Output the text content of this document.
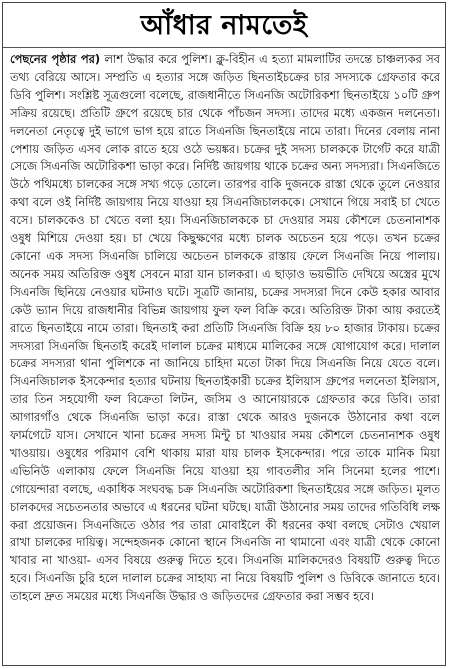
আঁধার নামতেই
পেছনের পৃষ্ঠার পর) লাশ উদ্ধার করে পুলিশ। ক্লু-বিহীন এ হত্যা মামলাটির তদন্তে চাঞ্চল্যকর সব তথ্য বেরিয়ে আসে। সম্প্রতি এ হত্যার সঙ্গে জড়িত ছিনতাইচক্রের চার সদস্যকে গ্রেফতার করে ডিবি পুলিশ। সংশ্লিষ্ট সূত্রগুলো বলেছে, রাজধানীতে সিএনজি অটোরিকশা ছিনতাইয়ে ১০টি গ্রুপ সক্রিয় রয়েছে। প্রতিটি গ্রুপে রয়েছে চার থেকে পাঁচজন সদস্য। তাদের মধ্যে একজন দলনেতা। দলনেতা নেতৃত্বে দুই ভাগে ভাগ হয়ে রাতে সিএনজি ছিনতাইয়ে নামে তারা। দিনের বেলায় নানা পেশায় জড়িত এসব লোক রাতে হয়ে ওঠে ভয়ঙ্কর। চক্রের দুই সদস্য চালককে টার্গেট করে যাত্রী সেজে সিএনজি অটোরিকশা ভাড়া করে। নির্দিষ্ট জায়গায় থাকে চক্রের অন্য সদস্যরা। সিএনজিতে উঠে পথিমধ্যে চালকের সঙ্গে সখ্য গড়ে তোলে। তারপর বাকি দুজনকে রাস্তা থেকে তুলে নেওয়ার কথা বলে ওই নির্দিষ্ট জায়গায় নিয়ে যাওয়া হয় সিএনজিচালককে। সেখানে গিয়ে সবাই চা খেতে বসে। চালককেও চা খেতে বলা হয়। সিএনজিচালককে চা দেওয়ার সময় কৌশলে চেতনানাশক ওষুধ মিশিয়ে দেওয়া হয়। চা খেয়ে কিছুক্ষণের মধ্যে চালক অচেতন হয়ে পড়ে। তখন চক্রের কোনো এক সদস্য সিএনজি চালিয়ে অচেতন চালককে রাস্তায় ফেলে সিএনজি নিয়ে পালায়। অনেক সময় অতিরিক্ত ওষুধ সেবনে মারা যান চালকরা। এ ছাড়াও ভয়ভীতি দেখিয়ে অস্ত্রের মুখে সিএনজি ছিনিয়ে নেওয়ার ঘটনাও ঘটে। সূত্রটি জানায়, চক্রের সদস্যরা দিনে কেউ হকার আবার কেউ ভ্যান দিয়ে রাজধানীর বিভিন্ন জায়গায় ফুল ফল বিক্রি করে। অতিরিক্ত টাকা আয় করতেই রাতে ছিনতাইয়ে নামে তারা। ছিনতাই করা প্রতিটি সিএনজি বিক্রি হয় ৮০ হাজার টাকায়। চক্রের সদস্যরা সিএনজি ছিনতাই করেই দালাল চক্রের মাধ্যমে মালিকের সঙ্গে যোগাযোগ করে। দালাল চক্রের সদস্যরা থানা পুলিশকে না জানিয়ে চাহিদা মতো টাকা দিয়ে সিএনজি নিয়ে যেতে বলে। সিএনজিচালক ইসকেন্দার হত্যার ঘটনায় ছিনতাইকারী চক্রের ইলিয়াস গ্রুপের দলনেতা ইলিয়াস, তার তিন সহযোগী ফল বিক্রেতা লিটন, জসিম ও আনোয়ারকে গ্রেফতার করে ডিবি। তারা আগারগাঁও থেকে সিএনজি ভাড়া করে। রাস্তা থেকে আরও দুজনকে উঠানোর কথা বলে ফার্মগেটে যাস। সেখানে খানা চক্রের সদস্য মিন্টু চা খাওয়ার সময় কৌশলে চেতনানাশক ওষুধ খাওয়ায়। ওষুধের পরিমাণ বেশি থাকায় মারা যায় চালক ইসকেন্দার। পরে তাকে মানিক মিয়া এভিনিউ এলাকায় ফেলে সিএনজি নিয়ে যাওয়া হয় গাবতলীর সনি সিনেমা হলের পাশে। গোয়েন্দারা বলছে, একাধিক সংঘবদ্ধ চক্র সিএনজি অটোরিকশা ছিনতাইয়ের সঙ্গে জড়িত। মূলত চালকদের সচেতনতার অভাবে এ ধরনের ঘটনা ঘটছে। যাত্রী উঠানোর সময় তাদের গতিবিধি লক্ষ করা প্রয়োজন। সিএনজিতে ওঠার পর তারা মোবাইলে কী ধরনের কথা বলছে সেটাও খেয়াল রাখা চালকের দায়িত্ব। সন্দেহজনক কোনো স্থানে সিএনজি না থামানো এবং যাত্রী থেকে কোনো খাবার না খাওয়া- এসব বিষয়ে গুরুত্ব দিতে হবে। সিএনজি মালিকদেরও বিষয়টি গুরুত্ব দিতে হবে। সিএনজি চুরি হলে দালাল চক্রের সাহায্য না নিয়ে বিষয়টি পুলিশ ও ডিবিকে জানাতে হবে। তাহলে দ্রুত সময়ের মধ্যে সিএনজি উদ্ধার ও জড়িতদের গ্রেফতার করা সম্ভব হবে।
